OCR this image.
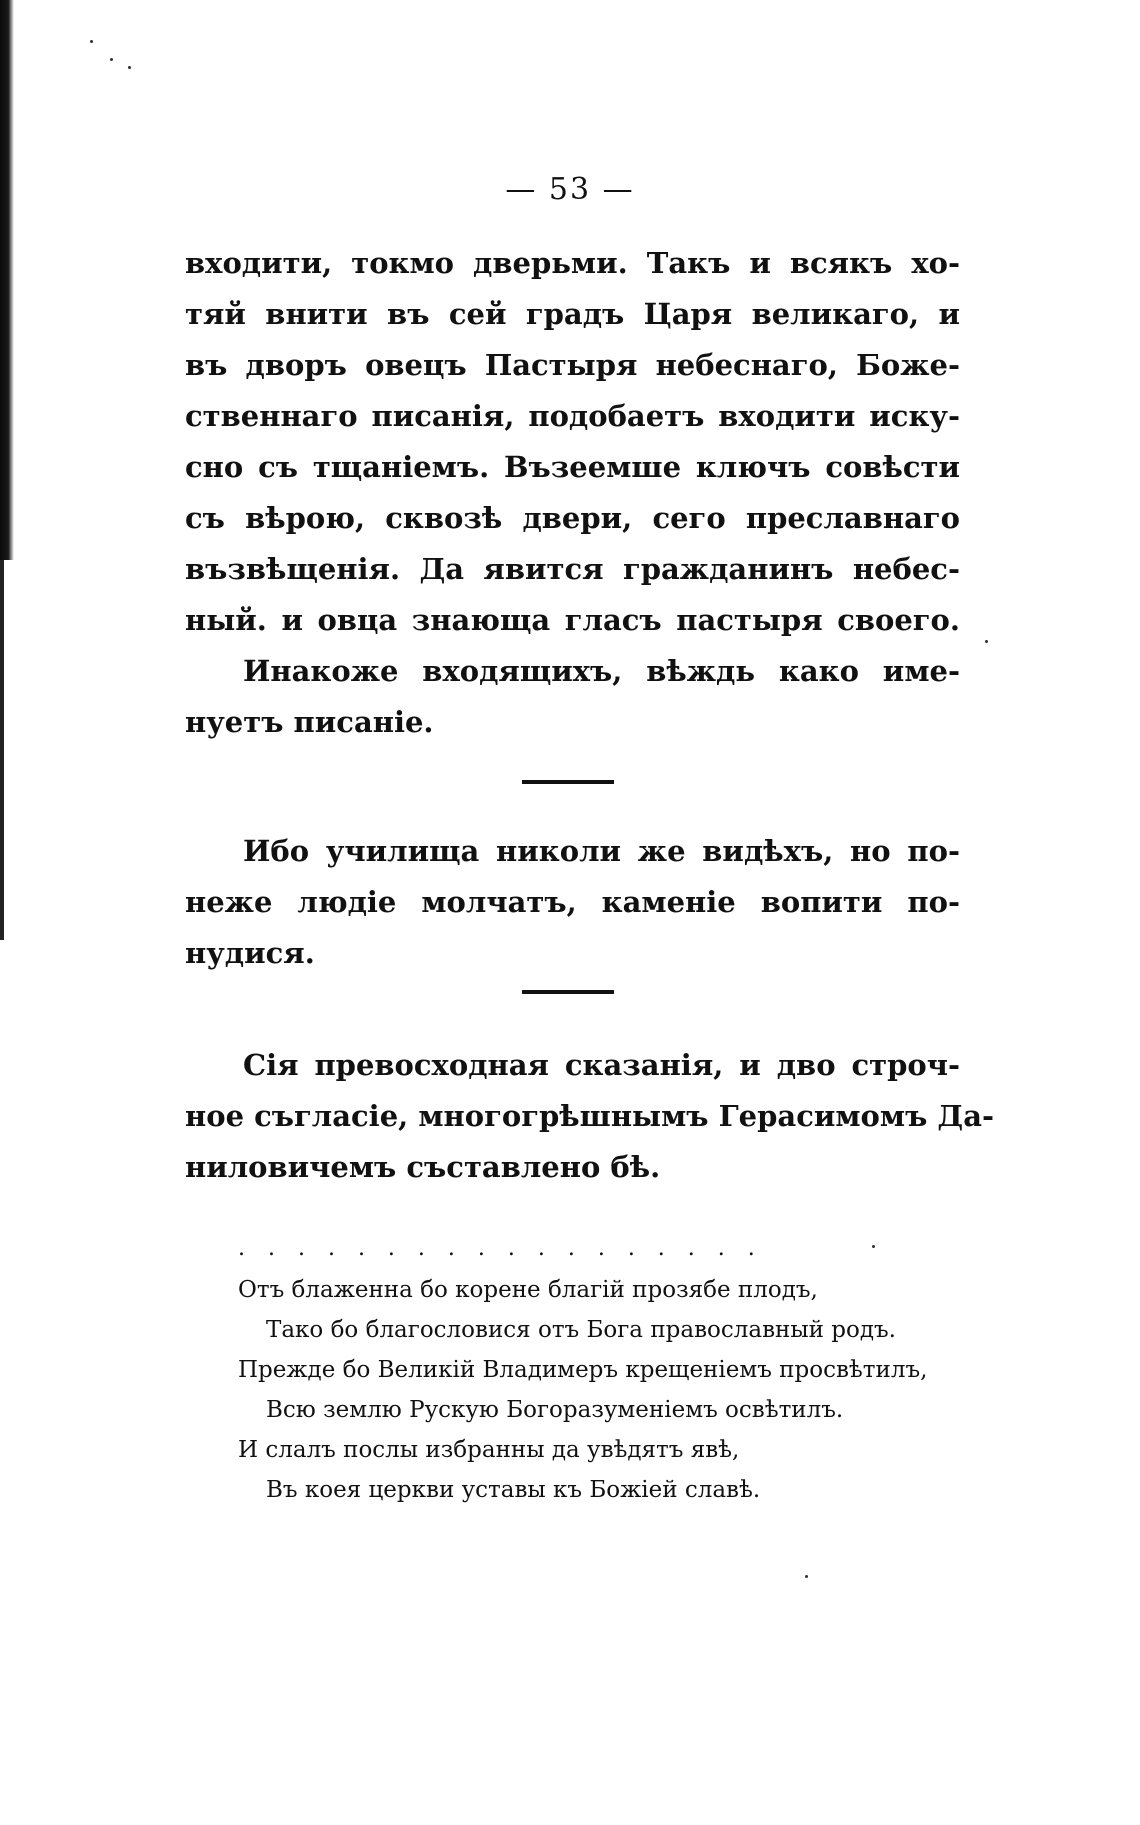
— 53 —
входити, токмо дверьми. Такъ и всякъ хо-
тяй внити въ сей градъ Царя великаго, и
въ дворъ овецъ Пастыря небеснаго, Боже-
ственнаго писанія, подобаетъ входити иску-
сно съ тщаніемъ. Възеемше ключъ совѣсти
съ вѣрою, сквозѣ двери, сего преславнаго
възвѣщенія. Да явится гражданинъ небес-
ный. и овца знающа гласъ пастыря своего.
Инакоже входящихъ, вѣждь како име-
нуетъ писаніе.
Ибо училища николи же видѣхъ, но по-
неже людіе молчатъ, каменіе вопити по-
нудися.
Сія превосходная сказанія, и дво строч-
ное съгласіе, многогрѣшнымъ Герасимомъ Да-
ниловичемъ съставлено бѣ.
. . . . . . . . . . . . . . . . . .
Отъ блаженна бо корене благій прозябе плодъ,
Тако бо благословися отъ Бога православный родъ.
Прежде бо Великій Владимеръ крещеніемъ просвѣтилъ,
Всю землю Рускую Богоразуменіемъ освѣтилъ.
И слалъ послы избранны да увѣдятъ явѣ,
Въ коея церкви уставы къ Божіей славѣ.
